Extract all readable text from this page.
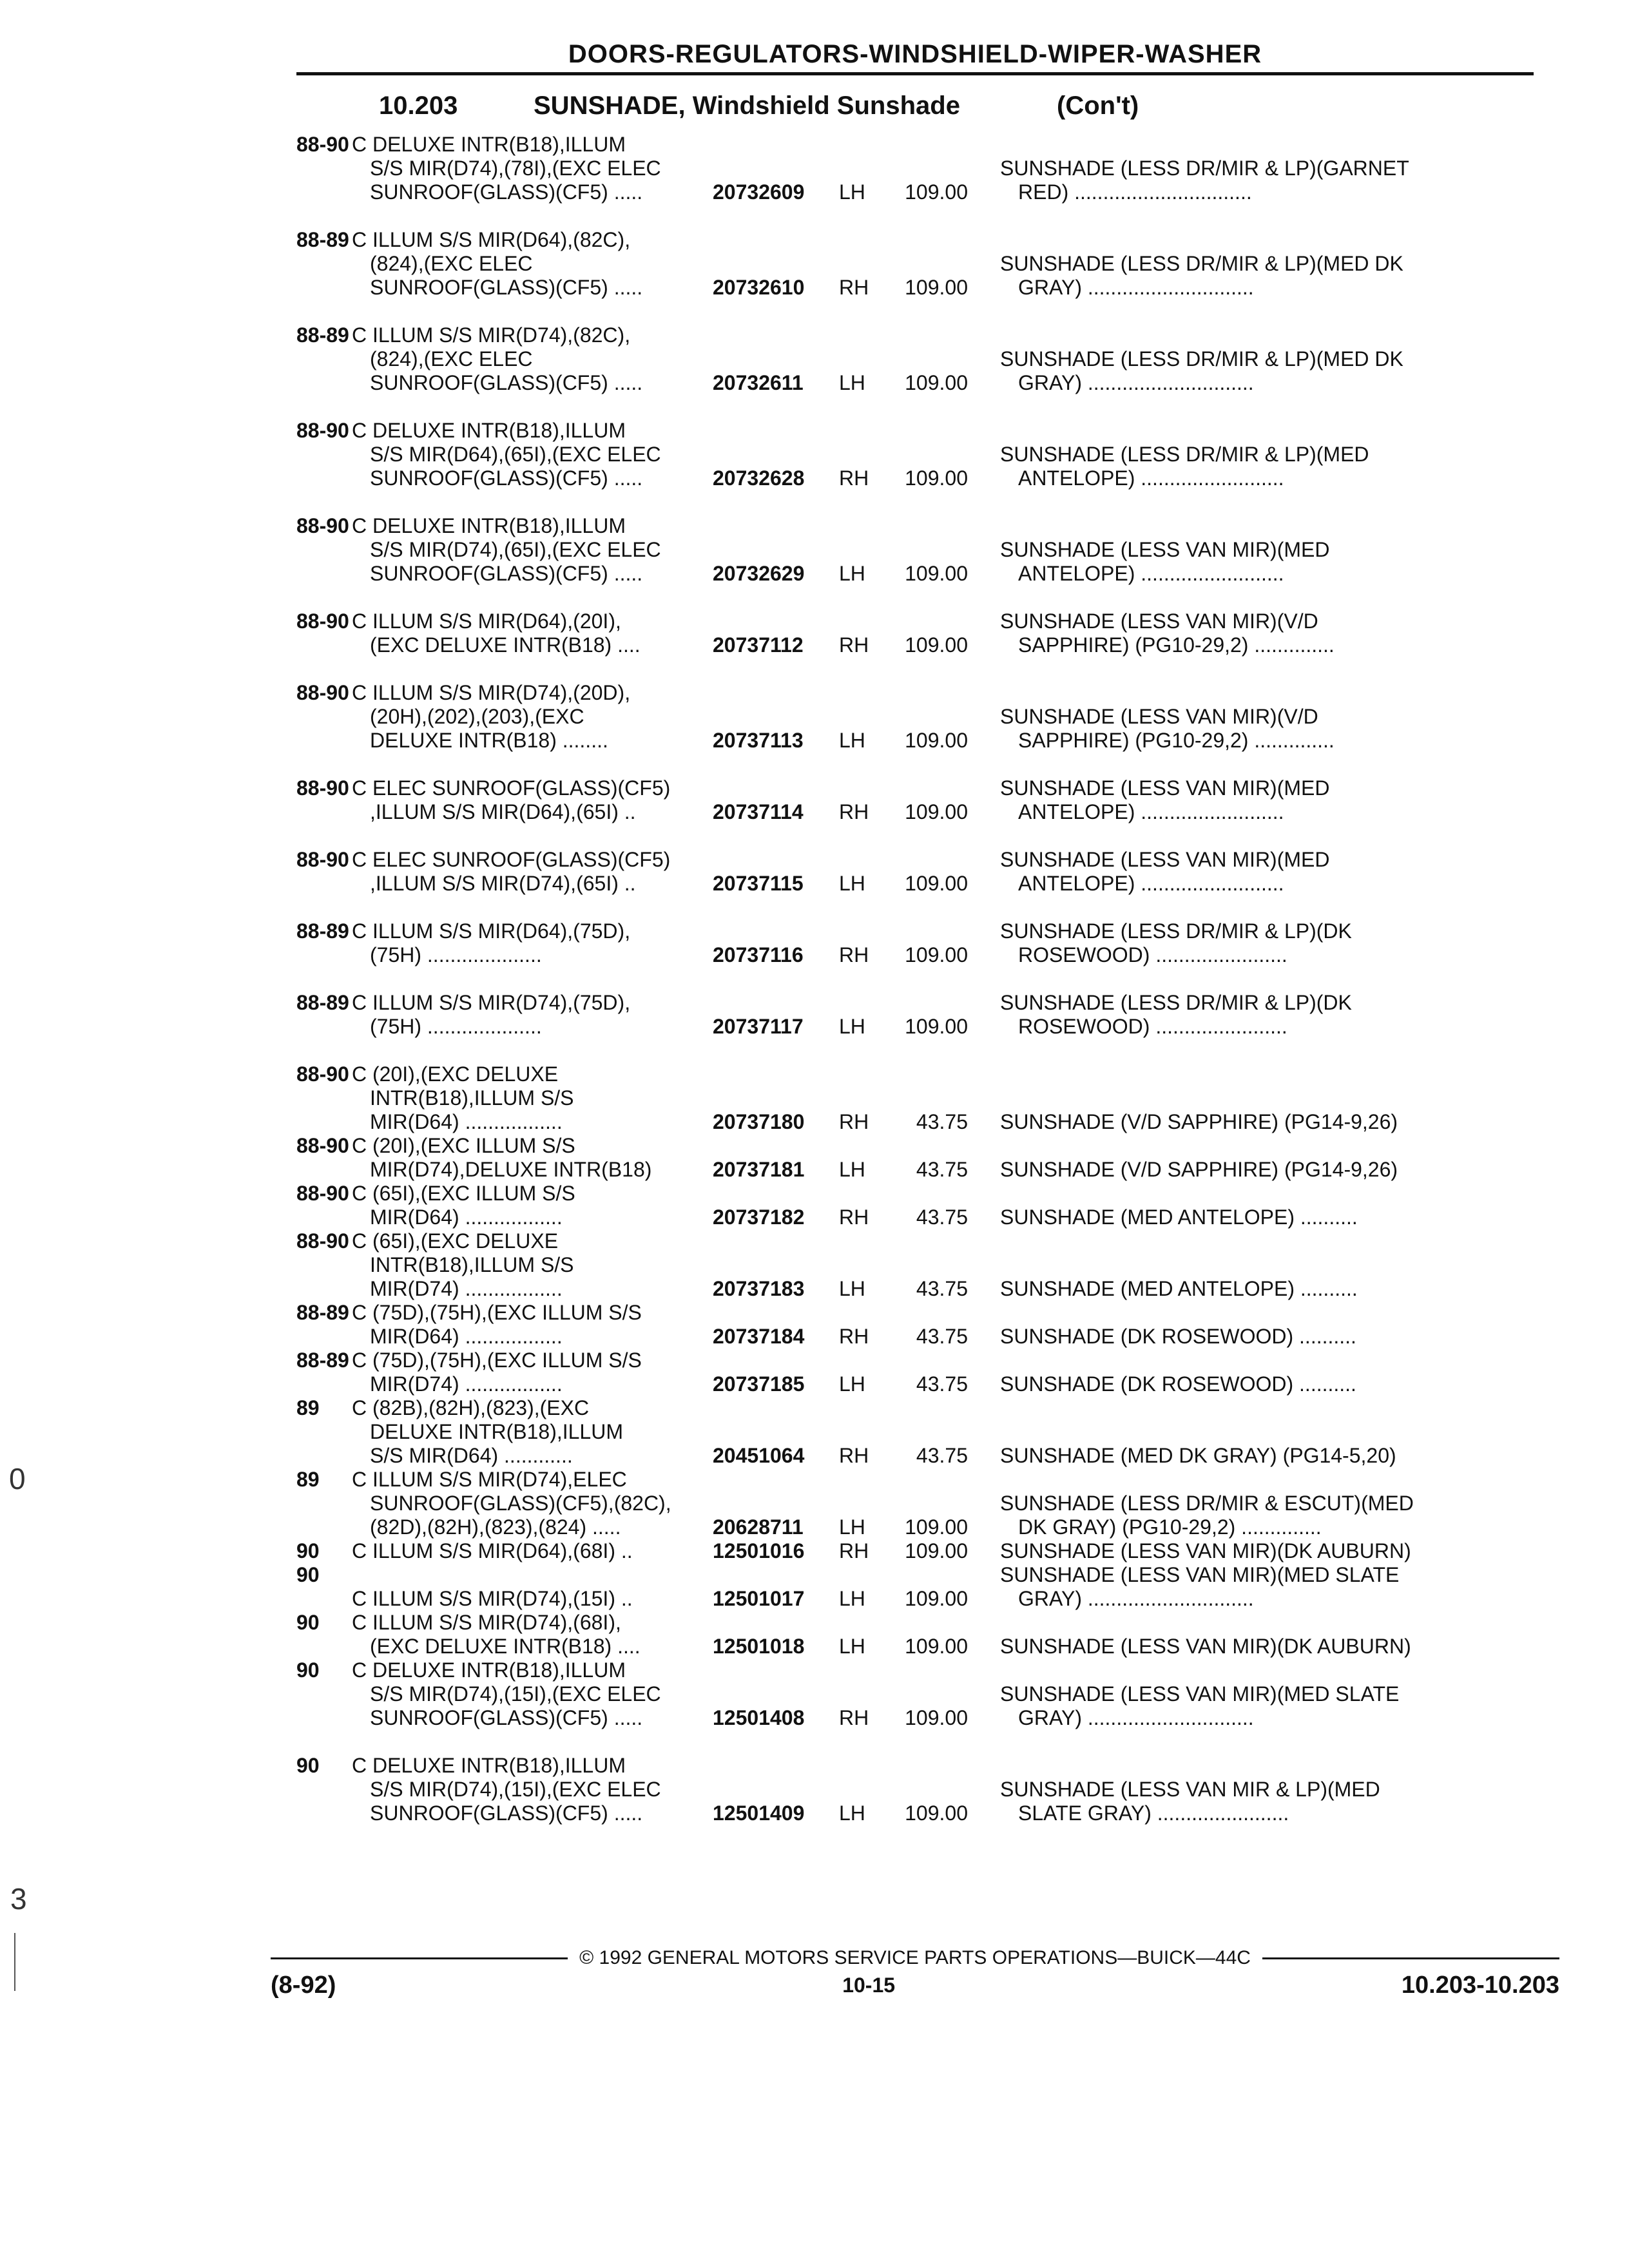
DOORS-REGULATORS-WINDSHIELD-WIPER-WASHER
10.203	SUNSHADE, Windshield Sunshade	(Con't)
88-90 C DELUXE INTR(B18),ILLUM
S/S MIR(D74),(78I),(EXC ELEC
SUNROOF(GLASS)(CF5) .....	20732609	LH	109.00
SUNSHADE (LESS DR/MIR & LP)(GARNET
RED) ...............................
88-89 C ILLUM S/S MIR(D64),(82C),
(824),(EXC ELEC
SUNROOF(GLASS)(CF5) .....	20732610	RH	109.00
SUNSHADE (LESS DR/MIR & LP)(MED DK
GRAY) .............................
88-89 C ILLUM S/S MIR(D74),(82C),
(824),(EXC ELEC
SUNROOF(GLASS)(CF5) .....	20732611	LH	109.00
SUNSHADE (LESS DR/MIR & LP)(MED DK
GRAY) .............................
88-90 C DELUXE INTR(B18),ILLUM
S/S MIR(D64),(65I),(EXC ELEC
SUNROOF(GLASS)(CF5) .....	20732628	RH	109.00
SUNSHADE (LESS DR/MIR & LP)(MED
ANTELOPE) .........................
88-90 C DELUXE INTR(B18),ILLUM
S/S MIR(D74),(65I),(EXC ELEC
SUNROOF(GLASS)(CF5) .....	20732629	LH	109.00
SUNSHADE (LESS VAN MIR)(MED
ANTELOPE) .........................
88-90 C ILLUM S/S MIR(D64),(20I),
(EXC DELUXE INTR(B18) ....	20737112	RH	109.00
SUNSHADE (LESS VAN MIR)(V/D
SAPPHIRE) (PG10-29,2) ..............
88-90 C ILLUM S/S MIR(D74),(20D),
(20H),(202),(203),(EXC
DELUXE INTR(B18) ........	20737113	LH	109.00
SUNSHADE (LESS VAN MIR)(V/D
SAPPHIRE) (PG10-29,2) ..............
88-90 C ELEC SUNROOF(GLASS)(CF5)
,ILLUM S/S MIR(D64),(65I) ..	20737114	RH	109.00
SUNSHADE (LESS VAN MIR)(MED
ANTELOPE) .........................
88-90 C ELEC SUNROOF(GLASS)(CF5)
,ILLUM S/S MIR(D74),(65I) ..	20737115	LH	109.00
SUNSHADE (LESS VAN MIR)(MED
ANTELOPE) .........................
88-89 C ILLUM S/S MIR(D64),(75D),
(75H) ....................	20737116	RH	109.00
SUNSHADE (LESS DR/MIR & LP)(DK
ROSEWOOD) .......................
88-89 C ILLUM S/S MIR(D74),(75D),
(75H) ....................	20737117	LH	109.00
SUNSHADE (LESS DR/MIR & LP)(DK
ROSEWOOD) .......................
88-90 C (20I),(EXC DELUXE
INTR(B18),ILLUM S/S
MIR(D64) .................	20737180	RH	43.75 SUNSHADE (V/D SAPPHIRE) (PG14-9,26)
88-90 C (20I),(EXC ILLUM S/S
MIR(D74),DELUXE INTR(B18)	20737181	LH	43.75 SUNSHADE (V/D SAPPHIRE) (PG14-9,26)
88-90 C (65I),(EXC ILLUM S/S
MIR(D64) .................	20737182	RH	43.75 SUNSHADE (MED ANTELOPE) ..........
88-90 C (65I),(EXC DELUXE
INTR(B18),ILLUM S/S
MIR(D74) .................	20737183	LH	43.75 SUNSHADE (MED ANTELOPE) ..........
88-89 C (75D),(75H),(EXC ILLUM S/S
MIR(D64) .................	20737184	RH	43.75 SUNSHADE (DK ROSEWOOD) ..........
88-89 C (75D),(75H),(EXC ILLUM S/S
MIR(D74) .................	20737185	LH	43.75 SUNSHADE (DK ROSEWOOD) ..........
89	C (82B),(82H),(823),(EXC
DELUXE INTR(B18),ILLUM
S/S MIR(D64) ............	20451064	RH	43.75 SUNSHADE (MED DK GRAY) (PG14-5,20)
89	C ILLUM S/S MIR(D74),ELEC
SUNROOF(GLASS)(CF5),(82C),
(82D),(82H),(823),(824) .....	20628711	LH	109.00
SUNSHADE (LESS DR/MIR & ESCUT)(MED
DK GRAY) (PG10-29,2) ..............
90	C ILLUM S/S MIR(D64),(68I) ..	12501016	RH	109.00 SUNSHADE (LESS VAN MIR)(DK AUBURN)
90
C ILLUM S/S MIR(D74),(15I) ..	12501017	LH	109.00
SUNSHADE (LESS VAN MIR)(MED SLATE
GRAY) .............................
90	C ILLUM S/S MIR(D74),(68I),
(EXC DELUXE INTR(B18) ....	12501018	LH	109.00 SUNSHADE (LESS VAN MIR)(DK AUBURN)
90	C DELUXE INTR(B18),ILLUM
S/S MIR(D74),(15I),(EXC ELEC
SUNROOF(GLASS)(CF5) .....	12501408	RH	109.00
SUNSHADE (LESS VAN MIR)(MED SLATE
GRAY) .............................
90	C DELUXE INTR(B18),ILLUM
S/S MIR(D74),(15I),(EXC ELEC
SUNROOF(GLASS)(CF5) .....	12501409	LH	109.00
SUNSHADE (LESS VAN MIR & LP)(MED
SLATE GRAY) .......................
0
3
© 1992 GENERAL MOTORS SERVICE PARTS OPERATIONS—BUICK—44C
(8-92)	10-15	10.203-10.203
